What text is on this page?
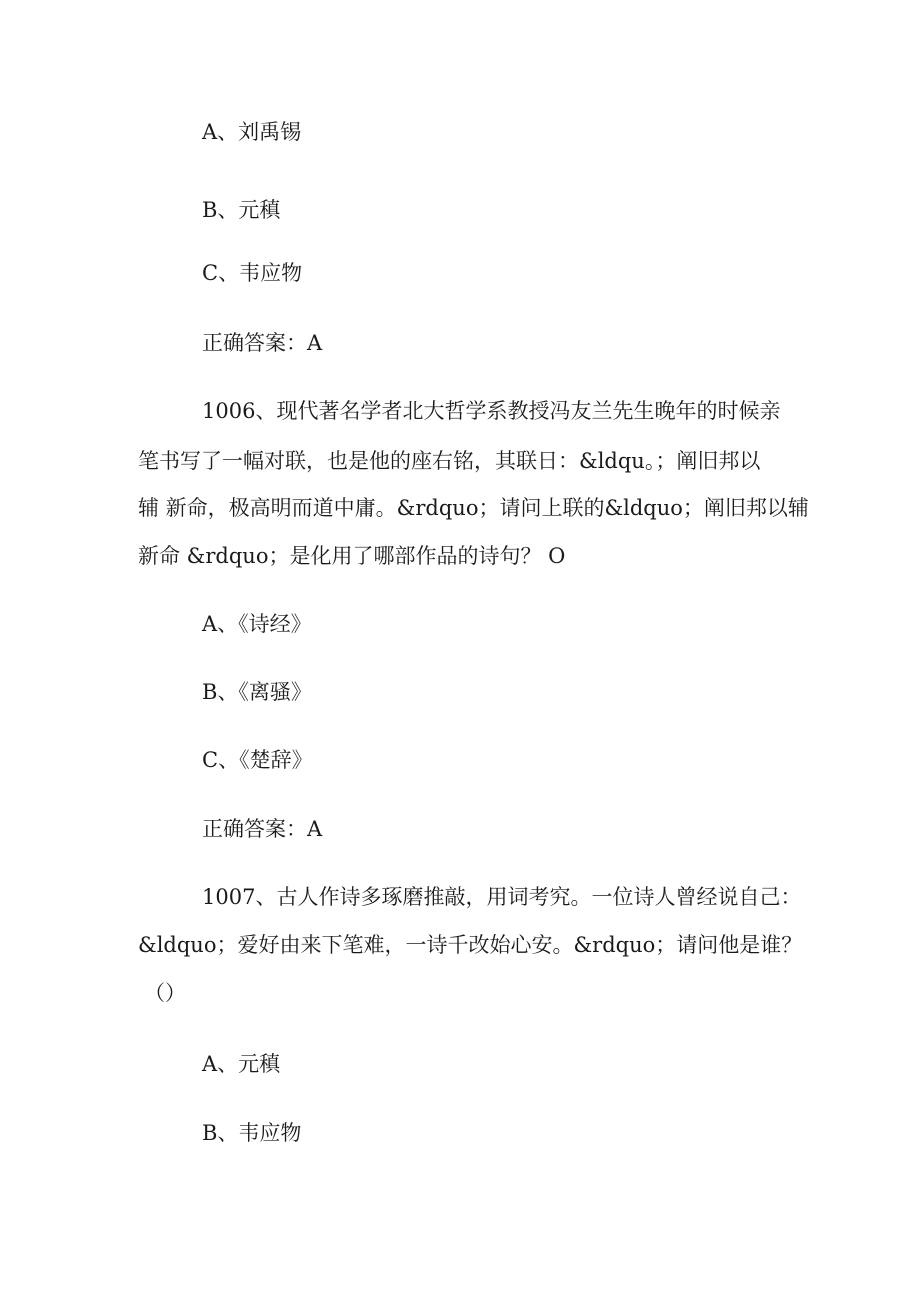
A、刘禹锡
B、元稹
C、韦应物
正确答案：A
1006、现代著名学者北大哲学系教授冯友兰先生晚年的时候亲
笔书写了一幅对联，也是他的座右铭，其联日：&ldqu。；阐旧邦以
辅 新命，极高明而道中庸。&rdquo；请问上联的&ldquo；阐旧邦以辅
新命 &rdquo；是化用了哪部作品的诗句？ O
A、《诗经》
B、《离骚》
C、《楚辞》
正确答案：A
1007、古人作诗多琢磨推敲，用词考究。一位诗人曾经说自己：
&ldquo；爱好由来下笔难，一诗千改始心安。&rdquo；请问他是谁？
（）
A、元稹
B、韦应物
